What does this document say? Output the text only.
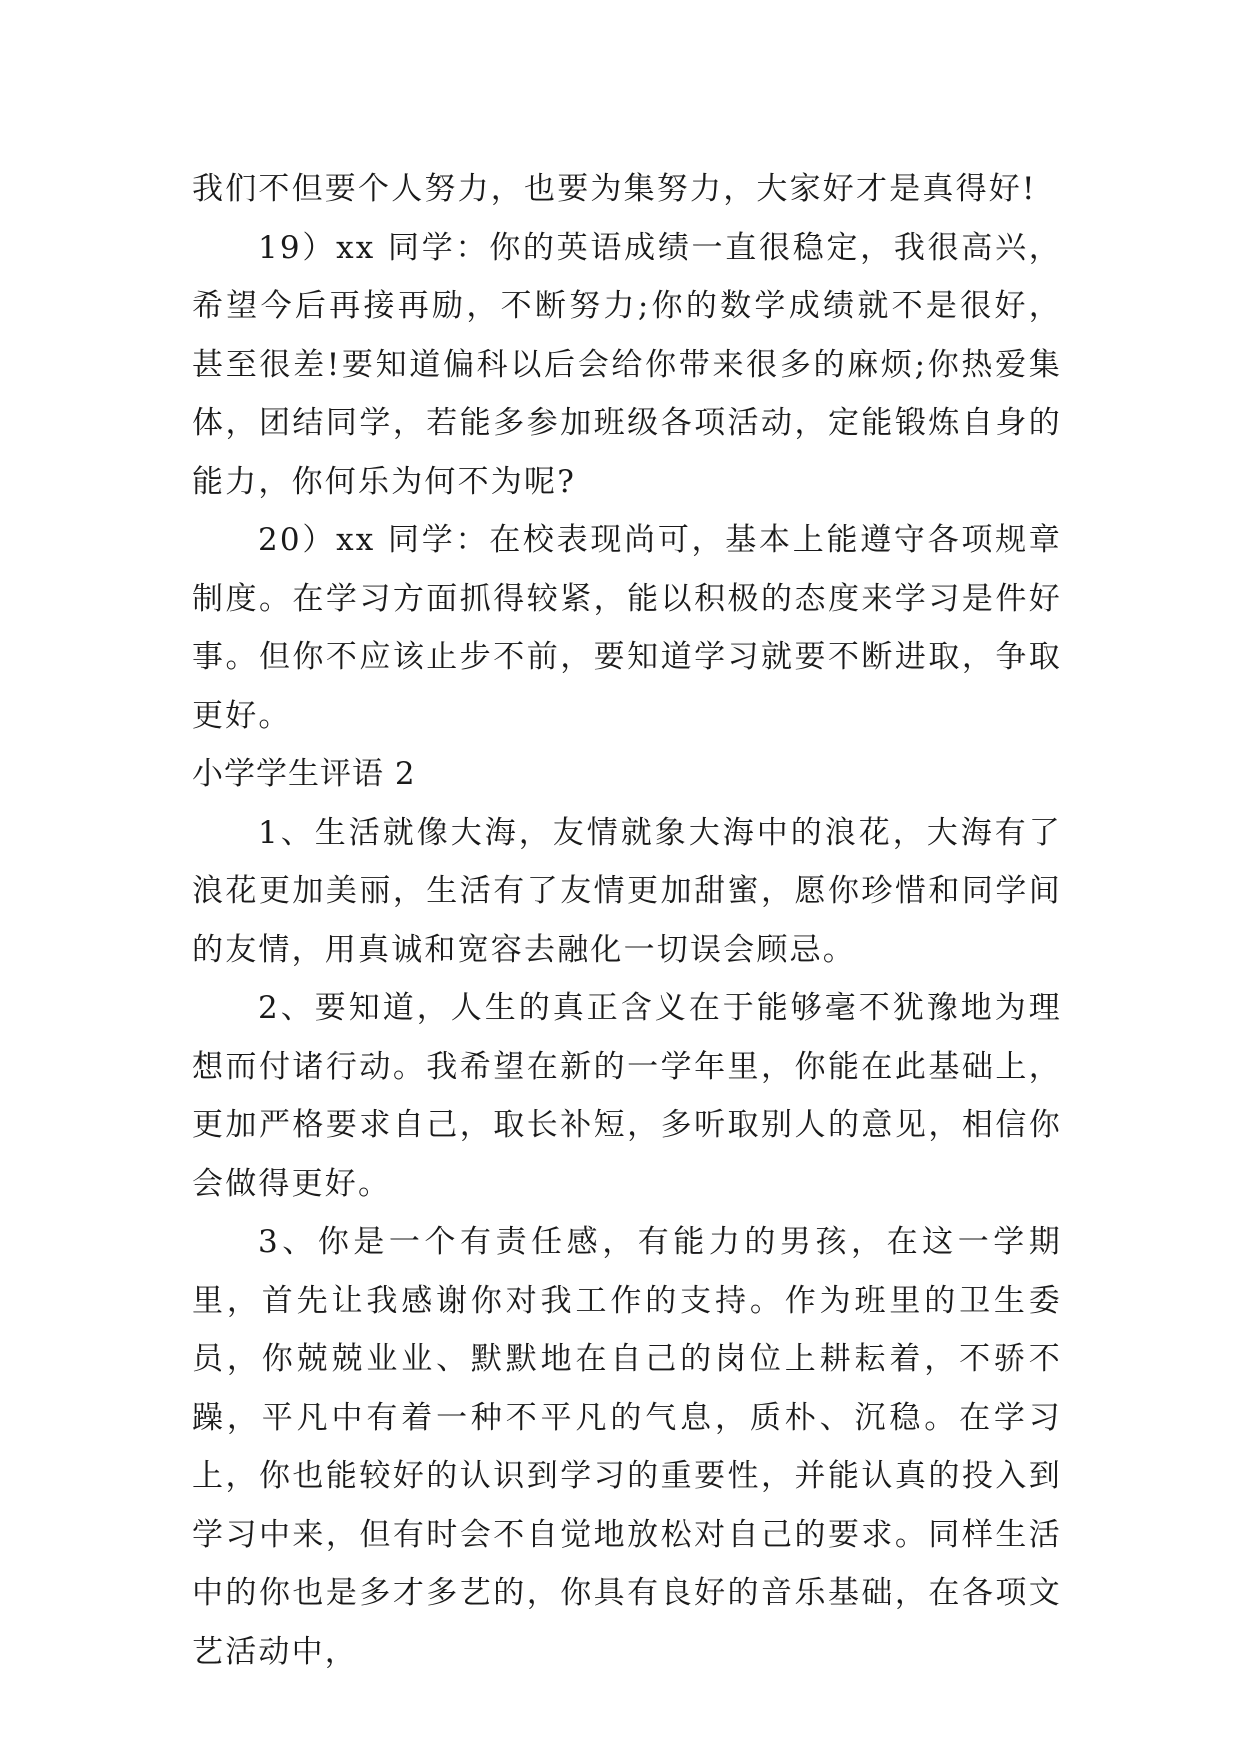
我们不但要个人努力，也要为集努力，大家好才是真得好!

19）xx 同学：你的英语成绩一直很稳定，我很高兴，希望今后再接再励，不断努力;你的数学成绩就不是很好，甚至很差!要知道偏科以后会给你带来很多的麻烦;你热爱集体，团结同学，若能多参加班级各项活动，定能锻炼自身的能力，你何乐为何不为呢?

20）xx 同学：在校表现尚可，基本上能遵守各项规章制度。在学习方面抓得较紧，能以积极的态度来学习是件好事。但你不应该止步不前，要知道学习就要不断进取，争取更好。

小学学生评语 2

1、生活就像大海，友情就象大海中的浪花，大海有了浪花更加美丽，生活有了友情更加甜蜜，愿你珍惜和同学间的友情，用真诚和宽容去融化一切误会顾忌。

2、要知道，人生的真正含义在于能够毫不犹豫地为理想而付诸行动。我希望在新的一学年里，你能在此基础上，更加严格要求自己，取长补短，多听取别人的意见，相信你会做得更好。

3、你是一个有责任感，有能力的男孩，在这一学期里，首先让我感谢你对我工作的支持。作为班里的卫生委员，你兢兢业业、默默地在自己的岗位上耕耘着，不骄不躁，平凡中有着一种不平凡的气息，质朴、沉稳。在学习上，你也能较好的认识到学习的重要性，并能认真的投入到学习中来，但有时会不自觉地放松对自己的要求。同样生活中的你也是多才多艺的，你具有良好的音乐基础，在各项文艺活动中，
